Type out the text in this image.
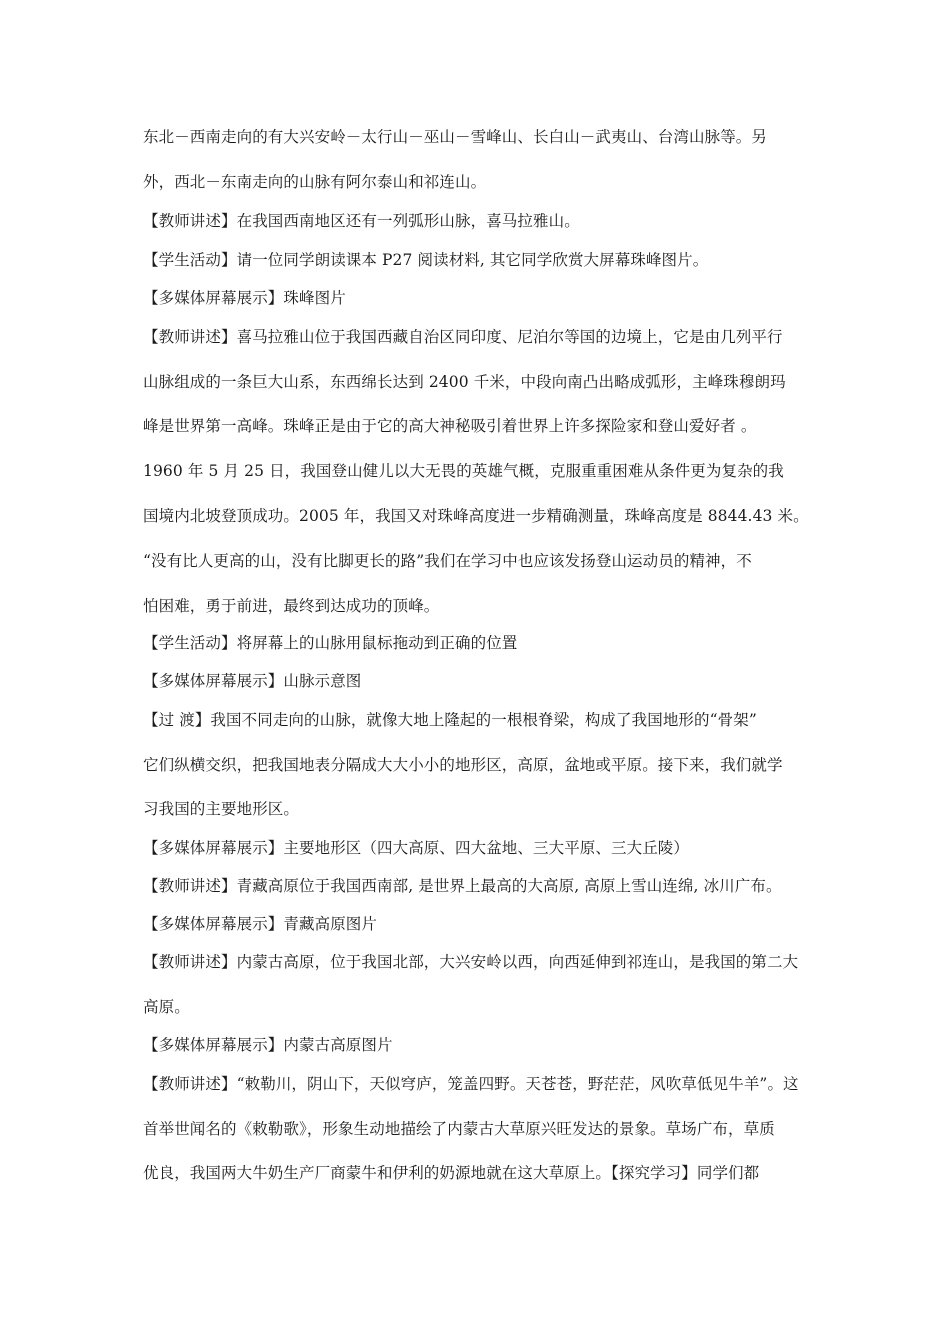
东北－西南走向的有大兴安岭－太行山－巫山－雪峰山、长白山－武夷山、台湾山脉等。另
外，西北－东南走向的山脉有阿尔泰山和祁连山。
【教师讲述】在我国西南地区还有一列弧形山脉，喜马拉雅山。
【学生活动】请一位同学朗读课本 P27 阅读材料, 其它同学欣赏大屏幕珠峰图片。
【多媒体屏幕展示】珠峰图片
【教师讲述】喜马拉雅山位于我国西藏自治区同印度、尼泊尔等国的边境上，它是由几列平行
山脉组成的一条巨大山系，东西绵长达到 2400 千米，中段向南凸出略成弧形，主峰珠穆朗玛
峰是世界第一高峰。珠峰正是由于它的高大神秘吸引着世界上许多探险家和登山爱好者 。
1960 年 5 月 25 日，我国登山健儿以大无畏的英雄气概，克服重重困难从条件更为复杂的我
国境内北坡登顶成功。2005 年，我国又对珠峰高度进一步精确测量，珠峰高度是 8844.43 米。
“没有比人更高的山，没有比脚更长的路”我们在学习中也应该发扬登山运动员的精神，不
怕困难，勇于前进，最终到达成功的顶峰。
【学生活动】将屏幕上的山脉用鼠标拖动到正确的位置
【多媒体屏幕展示】山脉示意图
【过 渡】我国不同走向的山脉，就像大地上隆起的一根根脊梁，构成了我国地形的“骨架”
它们纵横交织，把我国地表分隔成大大小小的地形区，高原，盆地或平原。接下来，我们就学
习我国的主要地形区。
【多媒体屏幕展示】主要地形区（四大高原、四大盆地、三大平原、三大丘陵）
【教师讲述】青藏高原位于我国西南部, 是世界上最高的大高原, 高原上雪山连绵, 冰川广布。
【多媒体屏幕展示】青藏高原图片
【教师讲述】内蒙古高原，位于我国北部，大兴安岭以西，向西延伸到祁连山，是我国的第二大
高原。
【多媒体屏幕展示】内蒙古高原图片
【教师讲述】“敕勒川，阴山下，天似穹庐，笼盖四野。天苍苍，野茫茫，风吹草低见牛羊”。这
首举世闻名的《敕勒歌》，形象生动地描绘了内蒙古大草原兴旺发达的景象。草场广布，草质
优良，我国两大牛奶生产厂商蒙牛和伊利的奶源地就在这大草原上。【探究学习】同学们都
